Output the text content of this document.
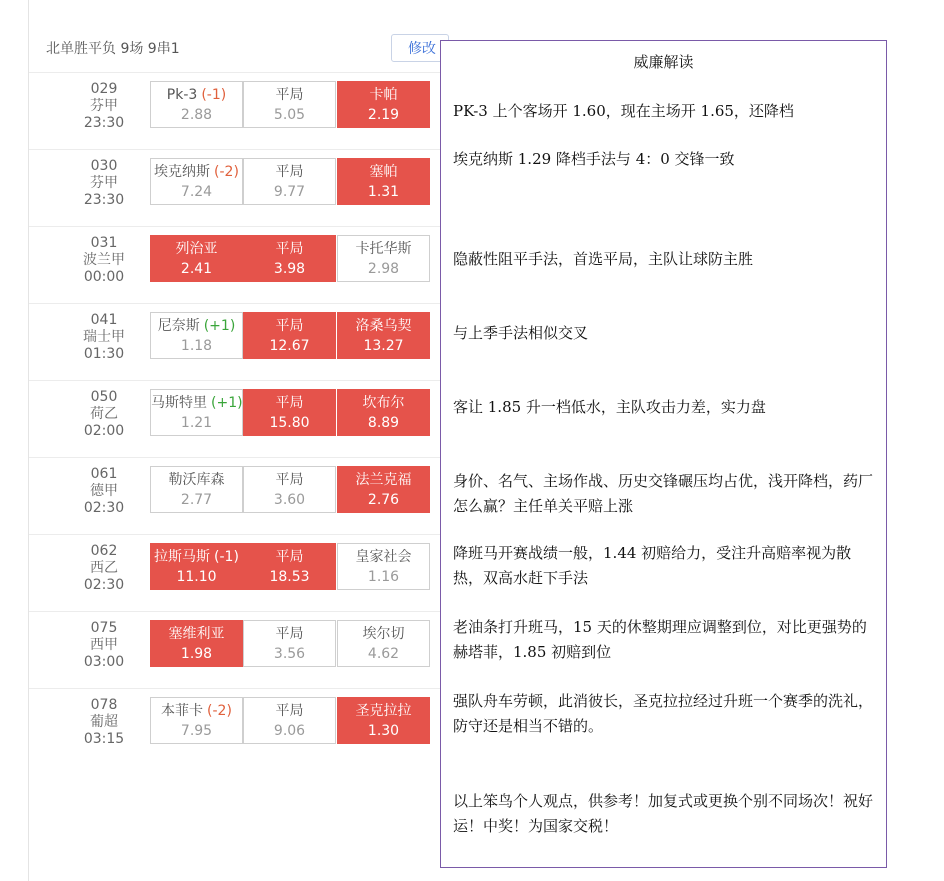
北单胜平负 9场 9串1	修改
029
芬甲
23:30
Pk-3 (-1)
2.88
平局
5.05
卡帕
2.19
030
芬甲
23:30
埃克纳斯 (-2)
7.24
平局
9.77
塞帕
1.31
031
波兰甲
00:00
列治亚
2.41
平局
3.98
卡托华斯
2.98
041
瑞士甲
01:30
尼奈斯 (+1)
1.18
平局
12.67
洛桑乌契
13.27
050
荷乙
02:00
马斯特里 (+1)
1.21
平局
15.80
坎布尔
8.89
061
德甲
02:30
勒沃库森
2.77
平局
3.60
法兰克福
2.76
062
西乙
02:30
拉斯马斯 (-1)
11.10
平局
18.53
皇家社会
1.16
075
西甲
03:00
塞维利亚
1.98
平局
3.56
埃尔切
4.62
078
葡超
03:15
本菲卡 (-2)
7.95
平局
9.06
圣克拉拉
1.30
威廉解读
PK-3 上个客场开 1.60，现在主场开 1.65，还降档
埃克纳斯 1.29 降档手法与 4：0 交锋一致
隐蔽性阻平手法，首选平局，主队让球防主胜
与上季手法相似交叉
客让 1.85 升一档低水，主队攻击力差，实力盘
身价、名气、主场作战、历史交锋碾压均占优，浅开降档，药厂怎么赢？主任单关平赔上涨
降班马开赛战绩一般，1.44 初赔给力，受注升高赔率视为散热，双高水赶下手法
老油条打升班马，15 天的休整期理应调整到位，对比更强势的赫塔菲，1.85 初赔到位
强队舟车劳顿，此消彼长，圣克拉拉经过升班一个赛季的洗礼，防守还是相当不错的。
以上笨鸟个人观点，供参考！加复式或更换个别不同场次！祝好运！中奖！为国家交税！
